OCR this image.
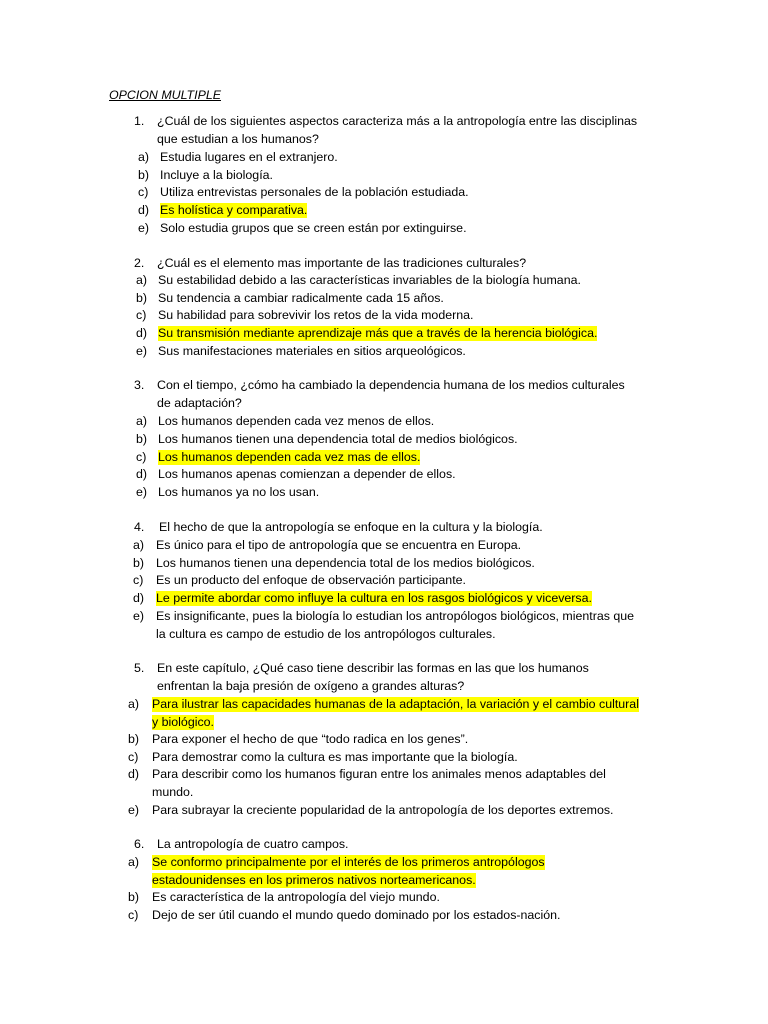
OPCION MULTIPLE
1. ¿Cuál de los siguientes aspectos caracteriza más a la antropología entre las disciplinas
que estudian a los humanos?
a) Estudia lugares en el extranjero.
b) Incluye a la biología.
c) Utiliza entrevistas personales de la población estudiada.
d) Es holística y comparativa.
e) Solo estudia grupos que se creen están por extinguirse.
2. ¿Cuál es el elemento mas importante de las tradiciones culturales?
a) Su estabilidad debido a las características invariables de la biología humana.
b) Su tendencia a cambiar radicalmente cada 15 años.
c) Su habilidad para sobrevivir los retos de la vida moderna.
d) Su transmisión mediante aprendizaje más que a través de la herencia biológica.
e) Sus manifestaciones materiales en sitios arqueológicos.
3. Con el tiempo, ¿cómo ha cambiado la dependencia humana de los medios culturales
de adaptación?
a) Los humanos dependen cada vez menos de ellos.
b) Los humanos tienen una dependencia total de medios biológicos.
c) Los humanos dependen cada vez mas de ellos.
d) Los humanos apenas comienzan a depender de ellos.
e) Los humanos ya no los usan.
4. El hecho de que la antropología se enfoque en la cultura y la biología.
a) Es único para el tipo de antropología que se encuentra en Europa.
b) Los humanos tienen una dependencia total de los medios biológicos.
c) Es un producto del enfoque de observación participante.
d) Le permite abordar como influye la cultura en los rasgos biológicos y viceversa.
e) Es insignificante, pues la biología lo estudian los antropólogos biológicos, mientras que
la cultura es campo de estudio de los antropólogos culturales.
5. En este capítulo, ¿Qué caso tiene describir las formas en las que los humanos
enfrentan la baja presión de oxígeno a grandes alturas?
a) Para ilustrar las capacidades humanas de la adaptación, la variación y el cambio cultural
y biológico.
b) Para exponer el hecho de que “todo radica en los genes”.
c) Para demostrar como la cultura es mas importante que la biología.
d) Para describir como los humanos figuran entre los animales menos adaptables del
mundo.
e) Para subrayar la creciente popularidad de la antropología de los deportes extremos.
6. La antropología de cuatro campos.
a) Se conformo principalmente por el interés de los primeros antropólogos
estadounidenses en los primeros nativos norteamericanos.
b) Es característica de la antropología del viejo mundo.
c) Dejo de ser útil cuando el mundo quedo dominado por los estados-nación.
